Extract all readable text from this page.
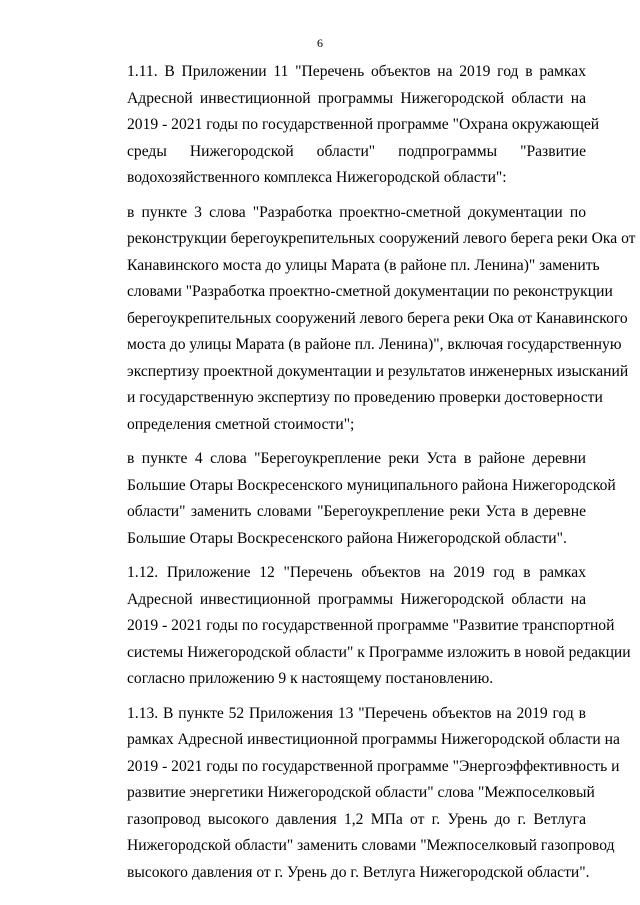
6

1.11. В Приложении 11 "Перечень объектов на 2019 год в рамках
Адресной инвестиционной программы Нижегородской области на
2019 - 2021 годы по государственной программе "Охрана окружающей
среды Нижегородской области" подпрограммы "Развитие
водохозяйственного комплекса Нижегородской области":

в пункте 3 слова "Разработка проектно-сметной документации по
реконструкции берегоукрепительных сооружений левого берега реки Ока от
Канавинского моста до улицы Марата (в районе пл. Ленина)" заменить
словами "Разработка проектно-сметной документации по реконструкции
берегоукрепительных сооружений левого берега реки Ока от Канавинского
моста до улицы Марата (в районе пл. Ленина)", включая государственную
экспертизу проектной документации и результатов инженерных изысканий
и государственную экспертизу по проведению проверки достоверности
определения сметной стоимости";

в пункте 4 слова "Берегоукрепление реки Уста в районе деревни
Большие Отары Воскресенского муниципального района Нижегородской
области" заменить словами "Берегоукрепление реки Уста в деревне
Большие Отары Воскресенского района Нижегородской области".

1.12. Приложение 12 "Перечень объектов на 2019 год в рамках
Адресной инвестиционной программы Нижегородской области на
2019 - 2021 годы по государственной программе "Развитие транспортной
системы Нижегородской области" к Программе изложить в новой редакции
согласно приложению 9 к настоящему постановлению.

1.13. В пункте 52 Приложения 13 "Перечень объектов на 2019 год в
рамках Адресной инвестиционной программы Нижегородской области на
2019 - 2021 годы по государственной программе "Энергоэффективность и
развитие энергетики Нижегородской области" слова "Межпоселковый
газопровод высокого давления 1,2 МПа от г. Урень до г. Ветлуга
Нижегородской области" заменить словами "Межпоселковый газопровод
высокого давления от г. Урень до г. Ветлуга Нижегородской области".
